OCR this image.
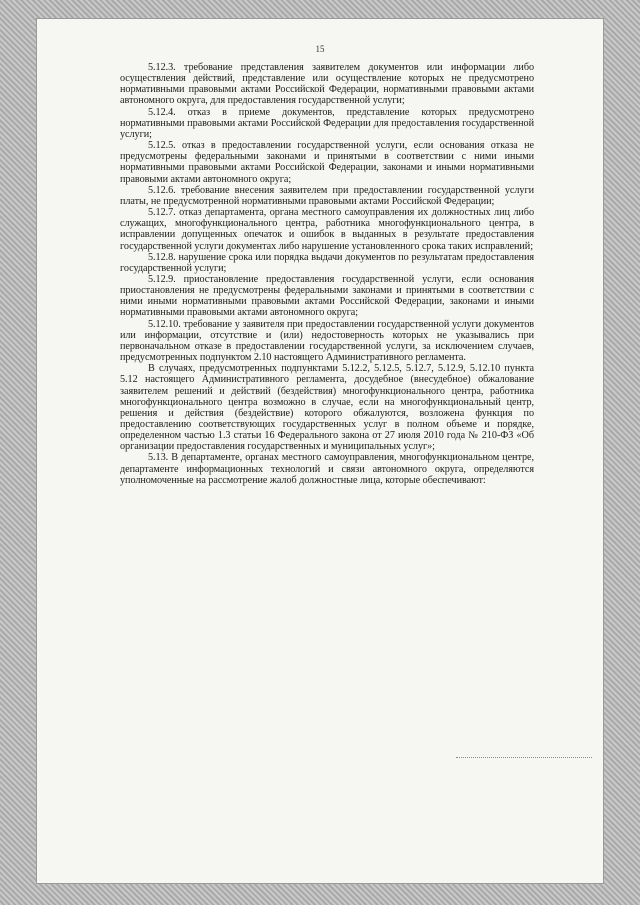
15

5.12.3. требование представления заявителем документов или информации либо осуществления действий, представление или осуществление которых не предусмотрено нормативными правовыми актами Российской Федерации, нормативными правовыми актами автономного округа, для предоставления государственной услуги;

5.12.4. отказ в приеме документов, представление которых предусмотрено нормативными правовыми актами Российской Федерации для предоставления государственной услуги;

5.12.5. отказ в предоставлении государственной услуги, если основания отказа не предусмотрены федеральными законами и принятыми в соответствии с ними иными нормативными правовыми актами Российской Федерации, законами и иными нормативными правовыми актами автономного округа;

5.12.6. требование внесения заявителем при предоставлении государственной услуги платы, не предусмотренной нормативными правовыми актами Российской Федерации;

5.12.7. отказ департамента, органа местного самоуправления их должностных лиц либо служащих, многофункционального центра, работника многофункционального центра, в исправлении допущенных опечаток и ошибок в выданных в результате предоставления государственной услуги документах либо нарушение установленного срока таких исправлений;

5.12.8. нарушение срока или порядка выдачи документов по результатам предоставления государственной услуги;

5.12.9. приостановление предоставления государственной услуги, если основания приостановления не предусмотрены федеральными законами и принятыми в соответствии с ними иными нормативными правовыми актами Российской Федерации, законами и иными нормативными правовыми актами автономного округа;

5.12.10. требование у заявителя при предоставлении государственной услуги документов или информации, отсутствие и (или) недостоверность которых не указывались при первоначальном отказе в предоставлении государственной услуги, за исключением случаев, предусмотренных подпунктом 2.10 настоящего Административного регламента.

В случаях, предусмотренных подпунктами 5.12.2, 5.12.5, 5.12.7, 5.12.9, 5.12.10 пункта 5.12 настоящего Административного регламента, досудебное (внесудебное) обжалование заявителем решений и действий (бездействия) многофункционального центра, работника многофункционального центра возможно в случае, если на многофункциональный центр, решения и действия (бездействие) которого обжалуются, возложена функция по предоставлению соответствующих государственных услуг в полном объеме и порядке, определенном частью 1.3 статьи 16 Федерального закона от 27 июля 2010 года № 210-ФЗ «Об организации предоставления государственных и муниципальных услуг»;

5.13. В департаменте, органах местного самоуправления, многофункциональном центре, департаменте информационных технологий и связи автономного округа, определяются уполномоченные на рассмотрение жалоб должностные лица, которые обеспечивают:
